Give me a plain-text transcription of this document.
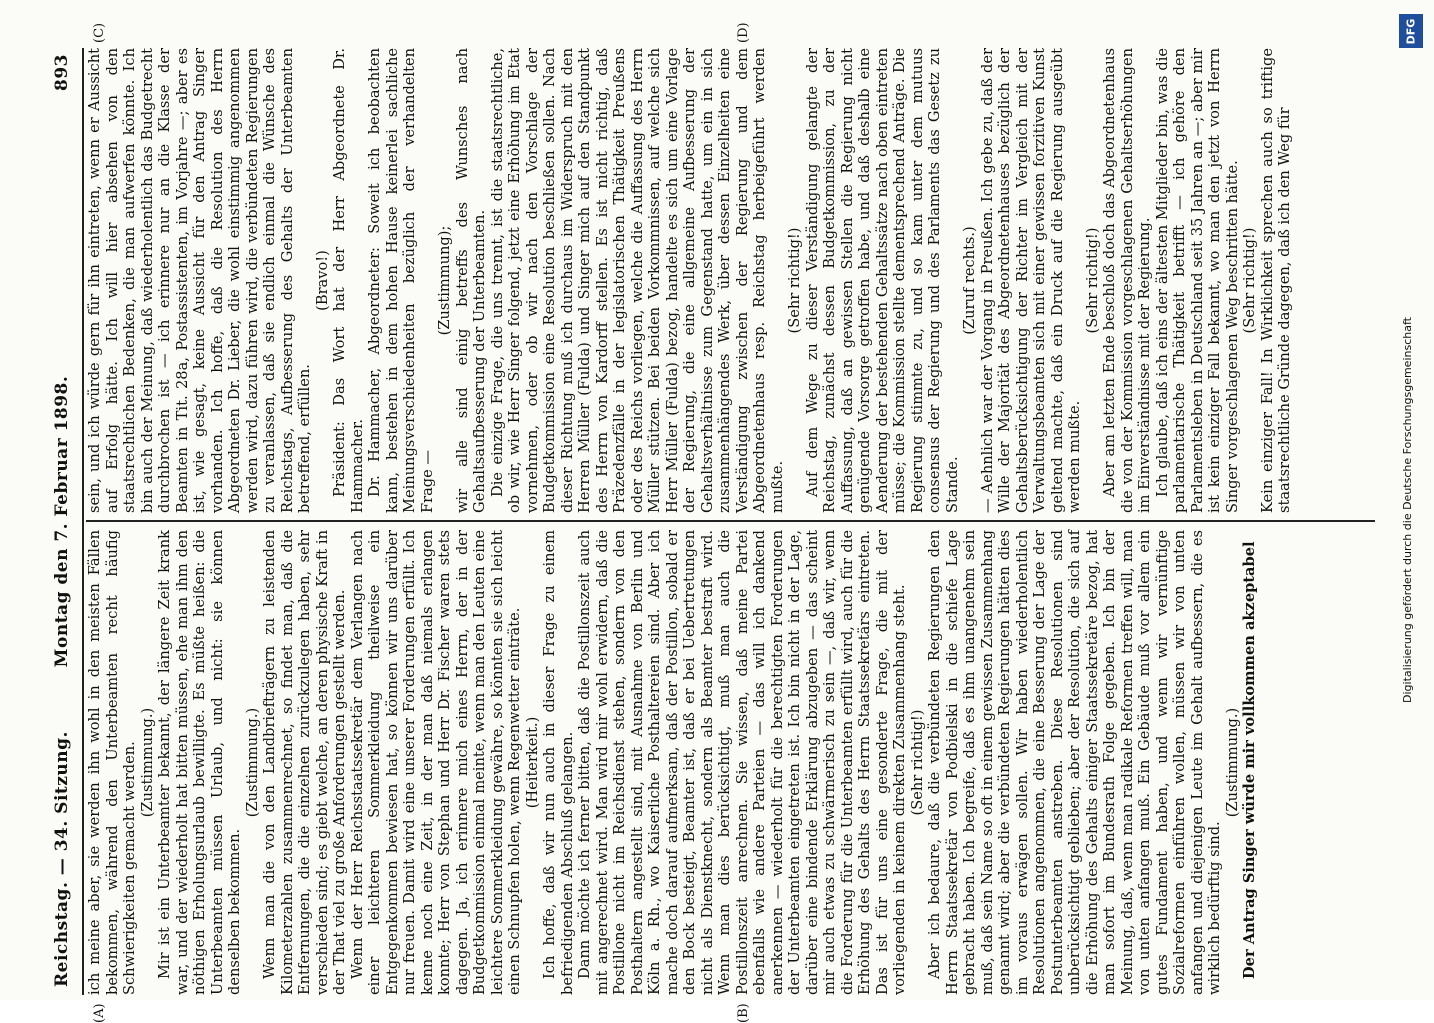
Reichstag. — 34. Sitzung.
Montag den 7. Februar 1898.
893

ich meine aber, sie werden ihn wohl in den meisten Fällen bekommen, während den Unterbeamten recht häufig Schwierigkeiten gemacht werden. (Zustimmung.) Mir ist ein Unterbeamter bekannt, der längere Zeit krank war, und der wiederholt hat bitten müssen, ehe man ihm den nöthigen Erholungsurlaub bewilligte. Es müßte heißen: die Unterbeamten müssen Urlaub, und nicht: sie können denselben bekommen.

(Zustimmung.) Wenn man die von den Landbriefträgern zu leistenden Kilometerzahlen zusammenrechnet, so findet man, daß die Entfernungen, die die einzelnen zurückzulegen haben, sehr verschieden sind; es giebt welche, an deren physische Kraft in der That viel zu große Anforderungen gestellt werden. Wenn der Herr Reichsstaatssekretär dem Verlangen nach einer leichteren Sommerkleidung theilweise ein Entgegenkommen bewiesen hat, so können wir uns darüber nur freuen. Damit wird eine unserer Forderungen erfüllt. Ich kenne noch eine Zeit, in der man daß niemals erlangen konnte; Herr von Stephan und Herr Dr. Fischer waren stets dagegen. Ja, ich erinnere mich eines Herrn, der in der Budgetkommission einmal meinte, wenn man den Leuten eine leichtere Sommerkleidung gewähre, so könnten sie sich leicht einen Schnupfen holen, wenn Regenwetter einträte. (Heiterkeit.) Ich hoffe, daß wir nun auch in dieser Frage zu einem befriedigenden Abschluß gelangen. Dann möchte ich ferner bitten, daß die Postillonszeit auch mit angerechnet wird. Man wird mir wohl erwidern, daß die Postillone nicht im Reichsdienst stehen, sondern von den Posthaltern angestellt sind, mit Ausnahme von Berlin und Köln a. Rh., wo Kaiserliche Posthaltereien sind. Aber ich mache doch darauf aufmerksam, daß der Postillon, sobald er den Bock besteigt, Beamter ist, daß er bei Uebertretungen nicht als Dienstknecht, sondern als Beamter bestraft wird. Wenn man dies berücksichtigt, muß man auch die Postillonszeit anrechnen. Sie wissen, daß meine Partei ebenfalls wie andere Parteien — das will ich dankend anerkennen — wiederholt für die berechtigten Forderungen der Unterbeamten eingetreten ist. Ich bin nicht in der Lage, darüber eine bindende Erklärung abzugeben — das scheint mir auch etwas zu schwärmerisch zu sein —, daß wir, wenn die Forderung für die Unterbeamten erfüllt wird, auch für die Erhöhung des Gehalts des Herrn Staatssekretärs eintreten. Das ist für uns eine gesonderte Frage, die mit der vorliegenden in keinem direkten Zusammenhang steht. (Sehr richtig!) Aber ich bedaure, daß die verbündeten Regierungen den Herrn Staatssekretär von Podbielski in die schiefe Lage gebracht haben. Ich begreife, daß es ihm unangenehm sein muß, daß sein Name so oft in einem gewissen Zusammenhang genannt wird; aber die verbündeten Regierungen hätten dies im voraus erwägen sollen. Wir haben wiederholentlich Resolutionen angenommen, die eine Besserung der Lage der Postunterbeamten anstreben. Diese Resolutionen sind unberücksichtigt geblieben; aber der Resolution, die sich auf die Erhöhung des Gehalts einiger Staatssekretäre bezog, hat man sofort im Bundesrath Folge gegeben. Ich bin der Meinung, daß, wenn man radikale Reformen treffen will, man von unten anfangen muß. Ein Gebäude muß vor allem ein gutes Fundament haben, und wenn wir vernünftige Sozialreformen einführen wollen, müssen wir von unten anfangen und diejenigen Leute im Gehalt aufbessern, die es wirklich bedürftig sind.

(Zustimmung.) Der Antrag Singer würde mir vollkommen akzeptabel

sein, und ich würde gern für ihn eintreten, wenn er Aussicht auf Erfolg hätte. Ich will hier absehen von den staatsrechtlichen Bedenken, die man aufwerfen könnte. Ich bin auch der Meinung, daß wiederholentlich das Budgetrecht durchbrochen ist — ich erinnere nur an die Klasse der Beamten in Tit. 28a, Postassistenten, im Vorjahre —; aber es ist, wie gesagt, keine Aussicht für den Antrag Singer vorhanden. Ich hoffe, daß die Resolution des Herrn Abgeordneten Dr. Lieber, die wohl einstimmig angenommen werden wird, dazu führen wird, die verbündeten Regierungen zu veranlassen, daß sie endlich einmal die Wünsche des Reichstags, Aufbesserung des Gehalts der Unterbeamten betreffend, erfüllen.

(Bravo!) Präsident: Das Wort hat der Herr Abgeordnete Dr. Hammacher. Dr. Hammacher, Abgeordneter: Soweit ich beobachten kann, bestehen in dem hohen Hause keinerlei sachliche Meinungsverschiedenheiten bezüglich der verhandelten Frage —

(Zustimmung); wir alle sind einig betreffs des Wunsches nach Gehaltsaufbesserung der Unterbeamten. Die einzige Frage, die uns trennt, ist die staatsrechtliche, ob wir, wie Herr Singer folgend, jetzt eine Erhöhung im Etat vornehmen, oder ob wir nach den Vorschlage der Budgetkommission eine Resolution beschließen sollen. Nach dieser Richtung muß ich durchaus im Widerspruch mit den Herren Müller (Fulda) und Singer mich auf den Standpunkt des Herrn von Kardorff stellen. Es ist nicht richtig, daß Präzedenzfälle in der legislatorischen Thätigkeit Preußens oder des Reichs vorliegen, welche die Auffassung des Herrn Müller stützen. Bei beiden Vorkommnissen, auf welche sich Herr Müller (Fulda) bezog, handelte es sich um eine Vorlage der Regierung, die eine allgemeine Aufbesserung der Gehaltsverhältnisse zum Gegenstand hatte, um ein in sich zusammenhängendes Werk, über dessen Einzelheiten eine Verständigung zwischen der Regierung und dem Abgeordnetenhaus resp. Reichstag herbeigeführt werden mußte.

(Sehr richtig!) Auf dem Wege zu dieser Verständigung gelangte der Reichstag, zunächst dessen Budgetkommission, zu der Auffassung, daß an gewissen Stellen die Regierung nicht genügende Vorsorge getroffen habe, und daß deshalb eine Aenderung der bestehenden Gehaltssätze nach oben eintreten müsse; die Kommission stellte dementsprechend Anträge. Die Regierung stimmte zu, und so kam unter dem mutuus consensus der Regierung und des Parlaments das Gesetz zu Stande.

(Zuruf rechts.) — Aehnlich war der Vorgang in Preußen. Ich gebe zu, daß der Wille der Majorität des Abgeordnetenhauses bezüglich der Gehaltsberücksichtigung der Richter im Vergleich mit der Verwaltungsbeamten sich mit einer gewissen forzitiven Kunst geltend machte, daß ein Druck auf die Regierung ausgeübt werden mußte.

(Sehr richtig!) Aber am letzten Ende beschloß doch das Abgeordnetenhaus die von der Kommission vorgeschlagenen Gehaltserhöhungen im Einverständnisse mit der Regierung. Ich glaube, daß ich eins der ältesten Mitglieder bin, was die parlamentarische Thätigkeit betrifft — ich gehöre den Parlamentsleben in Deutschland seit 35 Jahren an —; aber mir ist kein einziger Fall bekannt, wo man den jetzt von Herrn Singer vorgeschlagenen Weg beschritten hätte. (Sehr richtig!) Kein einziger Fall! In Wirklichkeit sprechen auch so triftige staatsrechtliche Gründe dagegen, daß ich den Weg für

(A)	(B)
(C)	(D)	DFG
Digitalisierung gefördert durch die Deutsche Forschungsgemeinschaft
